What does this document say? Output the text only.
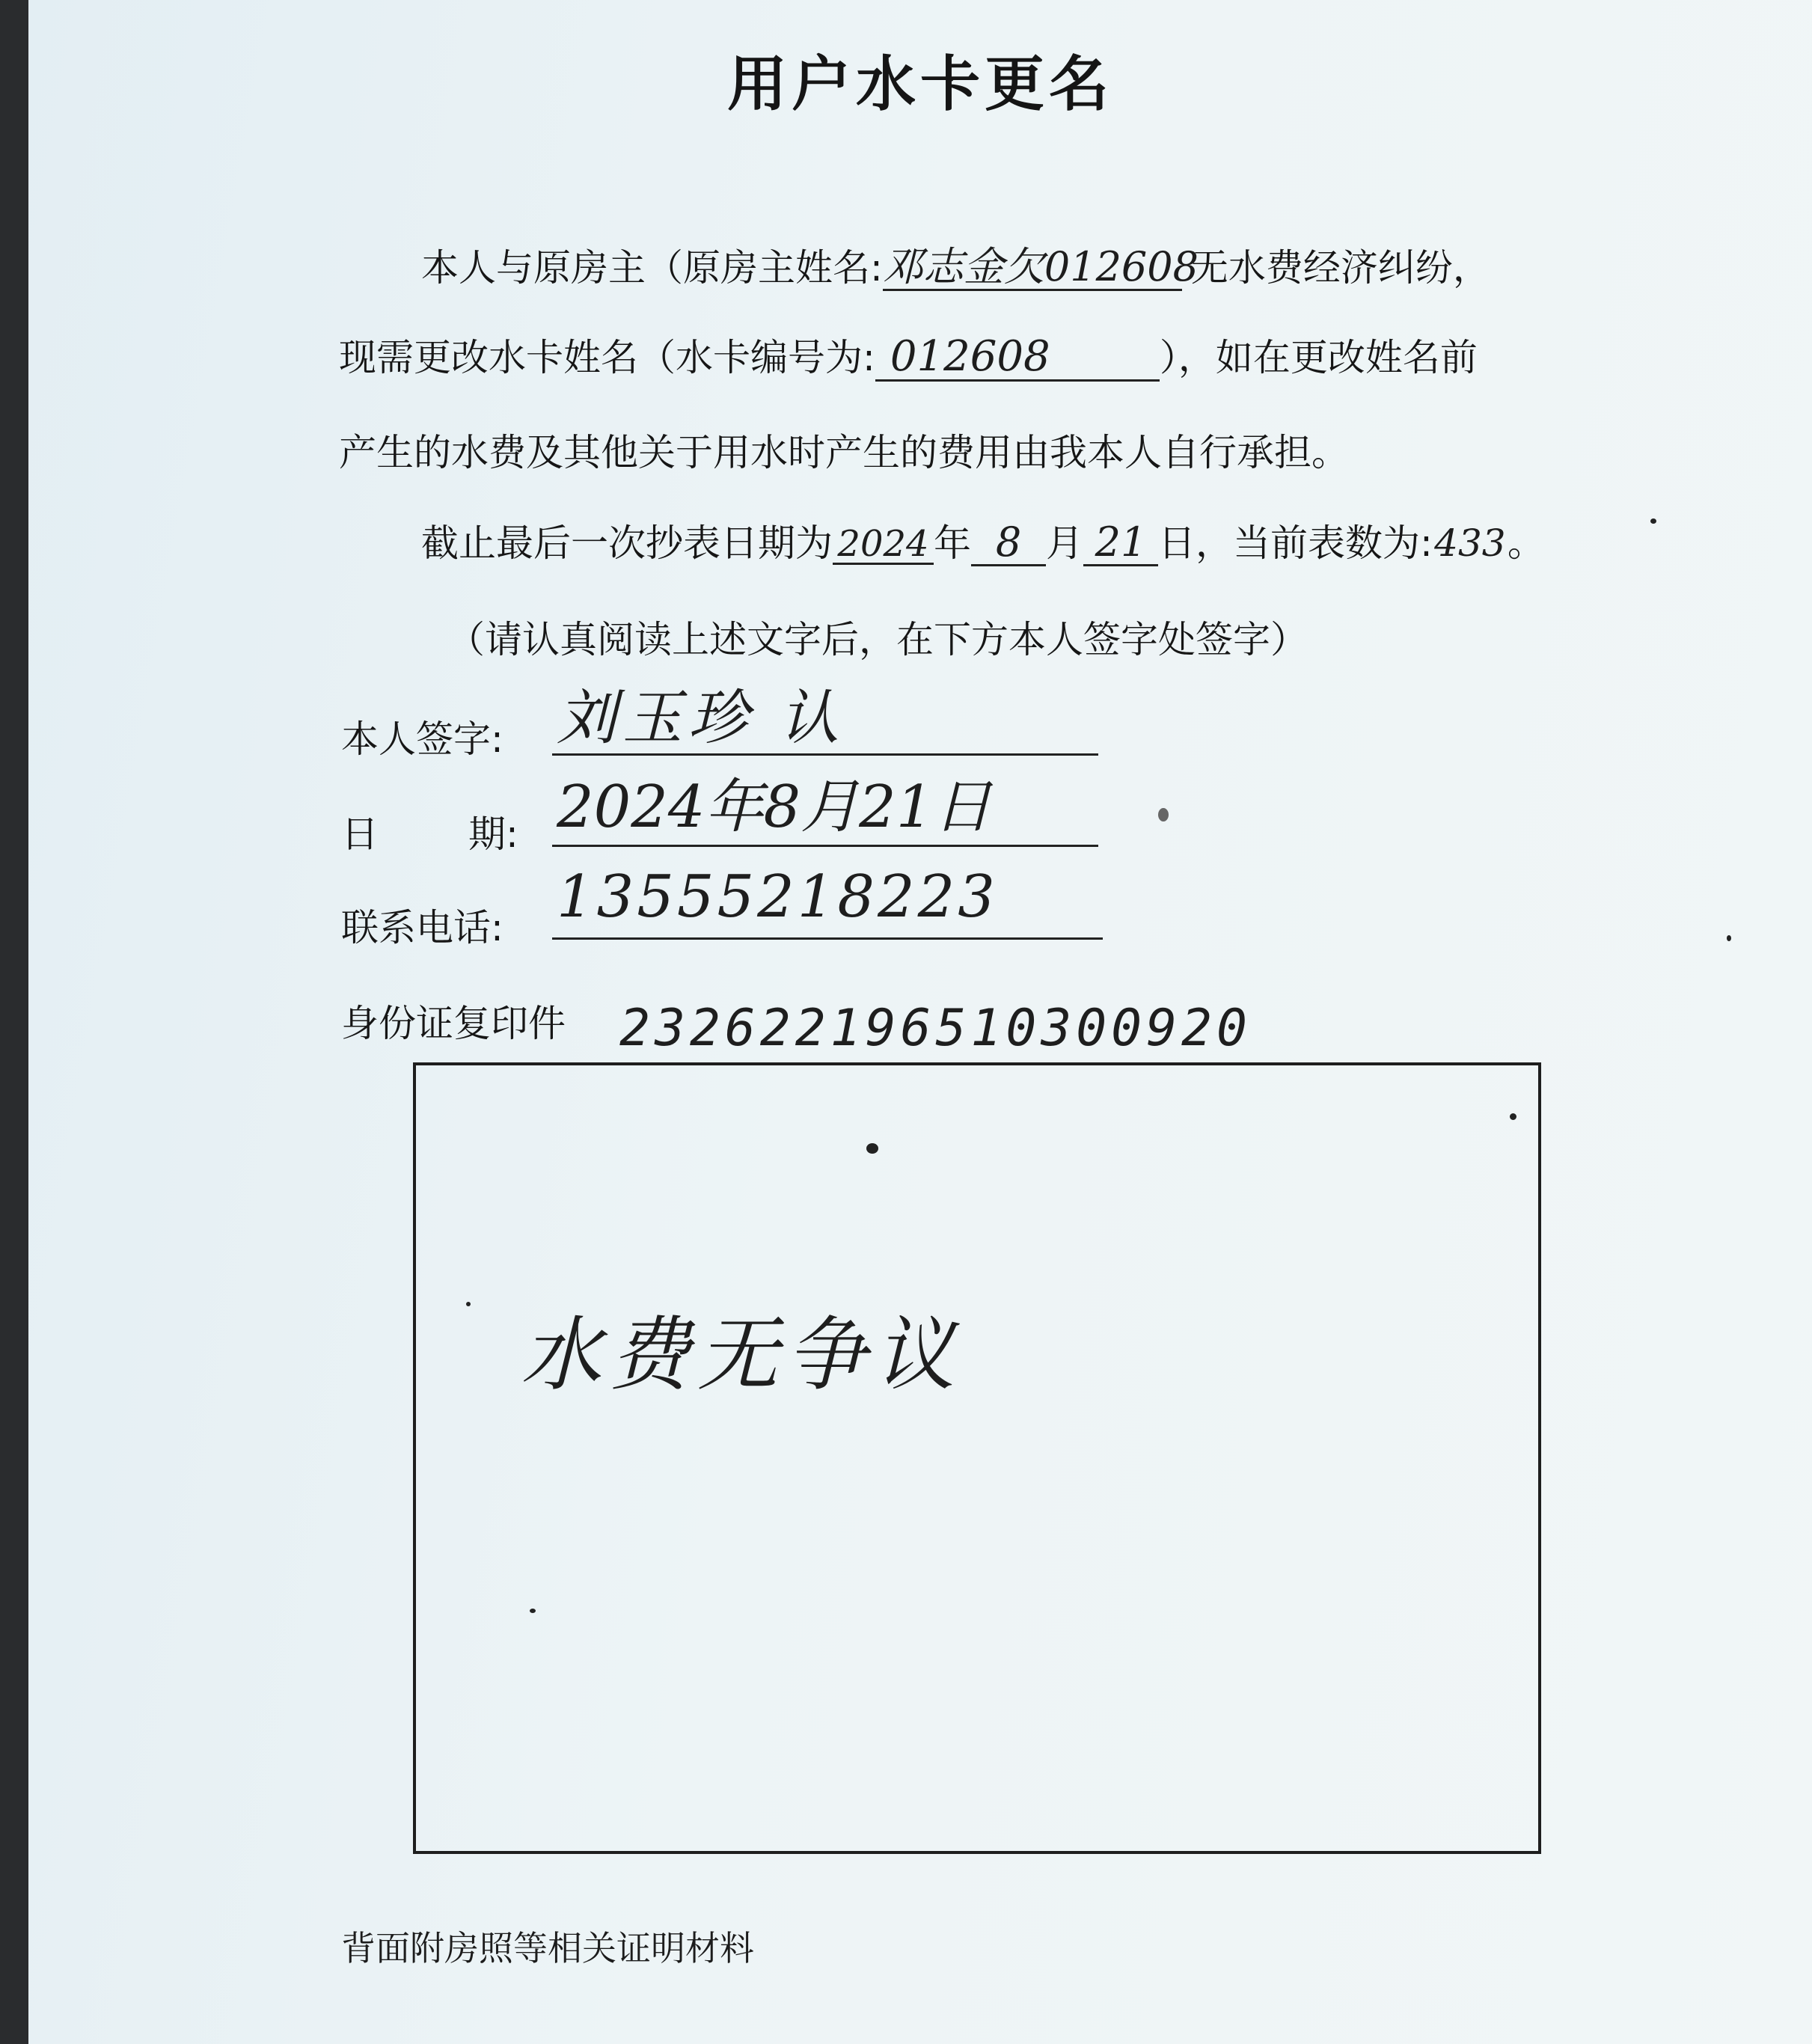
用户水卡更名
本人与原房主（原房主姓名:邓志金欠012608无水费经济纠纷，
现需更改水卡姓名（水卡编号为: 012608	），如在更改姓名前
产生的水费及其他关于用水时产生的费用由我本人自行承担。
截止最后一次抄表日期为 2024 年 8 月 21 日，当前表数为:433。
（请认真阅读上述文字后，在下方本人签字处签字）
本人签字: 刘玉珍 认
日 期: 2024年8月21日
联系电话: 13555218223
身份证复印件 232622196510300920
水费无争议
背面附房照等相关证明材料
